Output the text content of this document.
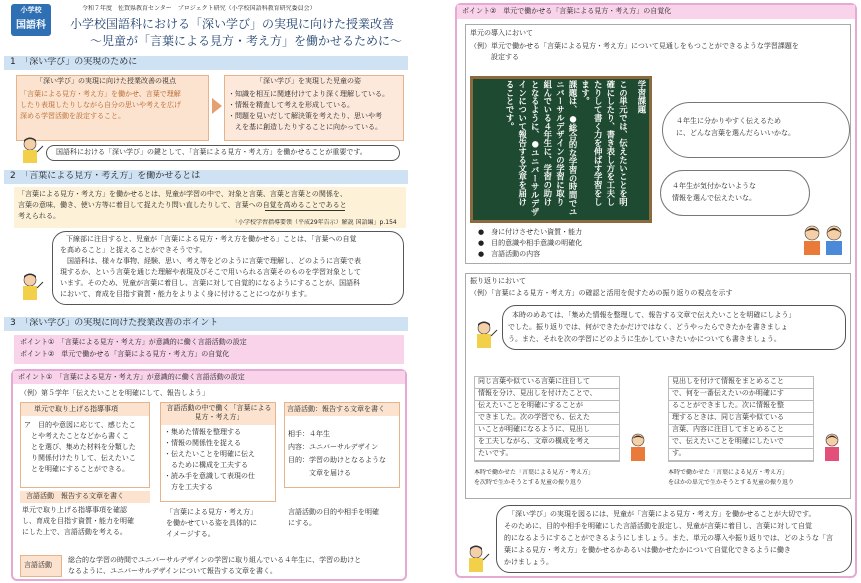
小学校
国語科
令和７年度　佐賀県教育センター　プロジェクト研究（小学校国語科教育研究委員会）
小学校国語科における「深い学び」の実現に向けた授業改善
～児童が「言葉による見方・考え方」を働かせるために～
1　「深い学び」の実現のために
「深い学び」の実現に向けた授業改善の視点
「言葉による見方・考え方」を働かせ、言葉で理解
したり表現したりしながら自分の思いや考えを広げ
深める学習活動を設定すること。
「深い学び」を実現した児童の姿
・知識を相互に関連付けてより深く理解している。
・情報を精査して考えを形成している。
・問題を見いだして解決策を考えたり、思いや考
　えを基に創造したりすることに向かっている。
国語科における「深い学び」の鍵として、「言葉による見方・考え方」を働かせることが重要です。
2　「言葉による見方・考え方」を働かせるとは
「言葉による見方・考え方」を働かせるとは、児童が学習の中で、対象と言葉、言葉と言葉との関係を、
言葉の意味、働き、使い方等に着目して捉えたり問い直したりして、言葉への自覚を高めることであると
考えられる。
「小学校学習指導要領（平成29年告示）解説 国語編」p.154
下線部に注目すると、児童が「言葉による見方・考え方を働かせる」ことは、「言葉への自覚
を高めること」と捉えることができそうです。
　国語科は、様々な事物、経験、思い、考え等をどのように言葉で理解し、どのように言葉で表
現するか、という言葉を通じた理解や表現及びそこで用いられる言葉そのものを学習対象として
います。そのため、児童が言葉に着目し、言葉に対して自覚的になるようにすることが、国語科
において、育成を目指す資質・能力をよりよく身に付けることにつながります。
3　「深い学び」の実現に向けた授業改善のポイント
ポイント①　「言葉による見方・考え方」が意識的に働く言語活動の設定
ポイント②　単元で働かせる「言葉による見方・考え方」の自覚化
ポイント①　「言葉による見方・考え方」が意識的に働く言語活動の設定
（例）第５学年「伝えたいことを明確にして、報告しよう」
単元で取り上げる指導事項
ア　目的や意図に応じて、感じたこ
　とや考えたことなどから書くこ
　とを選び、集めた材料を分類した
　り関係付けたりして、伝えたいこ
　とを明確にすることができる。
言語活動　報告する文章を書く
単元で取り上げる指導事項を確認
し、育成を目指す資質・能力を明確
にした上で、言語活動を考える。
言語活動の中で働く「言葉による見方・考え方」
・集めた情報を整理する
・情報の関係性を捉える
・伝えたいことを明確に伝え
　るために構成を工夫する
・読み手を意識して表現の仕
　方を工夫する
「言葉による見方・考え方」
を働かせている姿を具体的に
イメージする。
言語活動：報告する文章を書く
相手：４年生
内容：ユニバーサルデザイン
目的：学習の助けとなるような
　　　文章を届ける
言語活動の目的や相手を明確
にする。
言語活動
総合的な学習の時間でユニバーサルデザインの学習に取り組んでいる４年生に、学習の助けと
なるように、ユニバーサルデザインについて報告する文章を書く。
ポイント②　単元で働かせる「言葉による見方・考え方」の自覚化
単元の導入において
（例）単元で働かせる「言葉による見方・考え方」について見通しをもつことができるような学習課題を
　　　設定する
学習課題
この単元では、伝えたいことを明
確にしたり、書き表し方を工夫し
たりして書く力を伸ばす学習をし
ます。
課題は、●総合的な学習の時間でユ
ニバーサルデザインの学習に取り
組んでいる４年生に、学習の助け
となるように、●ユニバーサルデザ
インについて報告する文章を届け
ることです。	４年生に分かりやすく伝えるため
に、どんな言葉を選んだらいいかな。
４年生が気付かないような
情報を選んで伝えたいな。
●　 身に付けさせたい資質・能力
●　 目的意識や相手意識の明確化
●　 言語活動の内容
振り返りにおいて
（例）「言葉による見方・考え方」の確認と活用を促すための振り返りの視点を示す
本時のめあては、「集めた情報を整理して、報告する文章で伝えたいことを明確にしよう」
でした。振り返りでは、何ができたかだけではなく、どうやったらできたかを書きましょ
う。また、それを次の学習にどのように生かしていきたいかについても書きましょう。
同じ言葉や似ている言葉に注目して
情報を分け、見出しを付けたことで、
伝えたいことを明確にすることが
できました。次の学習でも、伝えた
いことが明確になるように、見出し
を工夫しながら、文章の構成を考え
たいです。
本時で働かせた「言葉による見方・考え方」
を次時で生かそうとする児童の振り返り
見出しを付けて情報をまとめること
で、何を一番伝えたいのか明確にす
ることができました。次に情報を整
理するときは、同じ言葉や似ている
言葉、内容に注目してまとめること
で、伝えたいことを明確にしたいで
す。
本時で働かせた「言葉による見方・考え方」
をほかの単元で生かそうとする児童の振り返り
「深い学び」の実現を図るには、児童が「言葉による見方・考え方」を働かせることが大切です。
そのために、目的や相手を明確にした言語活動を設定し、児童が言葉に着目し、言葉に対して自覚
的になるようにすることができるようにしましょう。また、単元の導入や振り返りでは、どのような「言
葉による見方・考え方」を働かせるかあるいは働かせたかについて自覚化できるように働き
かけましょう。
